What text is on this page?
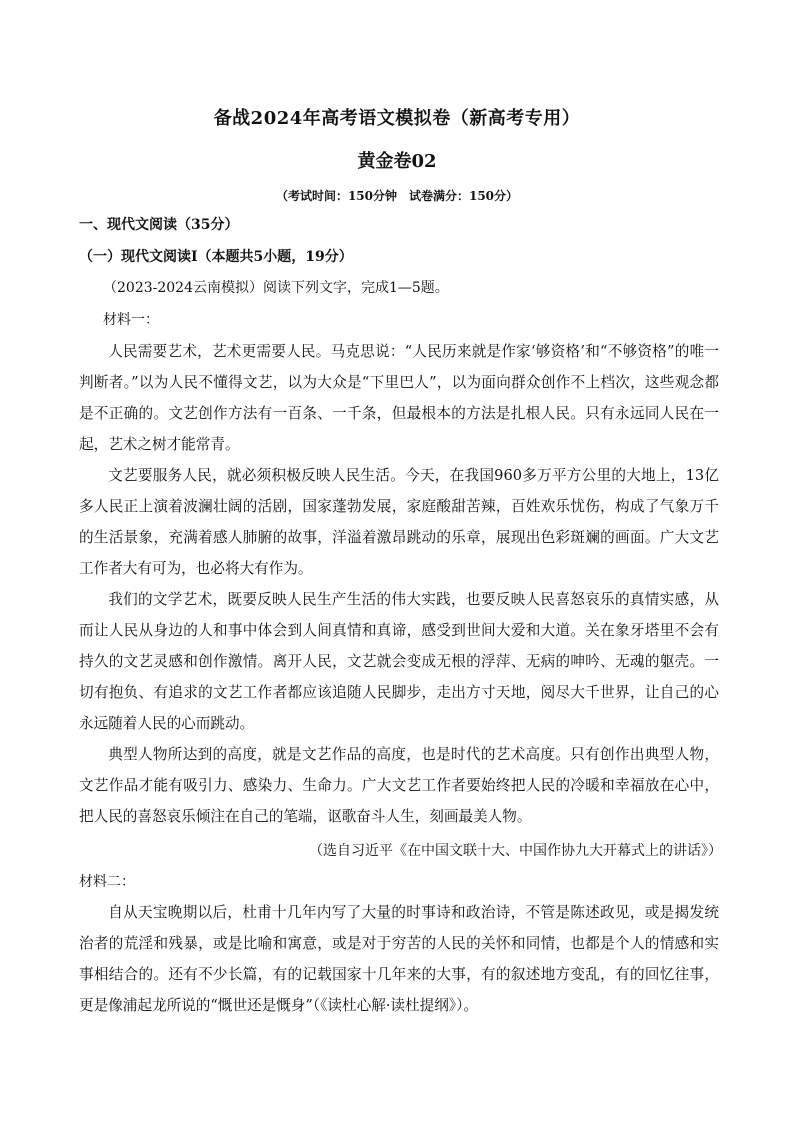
备战2024年高考语文模拟卷（新高考专用）
黄金卷02
（考试时间：150分钟　试卷满分：150分）
一、现代文阅读（35分）
（一）现代文阅读Ⅰ（本题共5小题，19分）
（2023-2024云南模拟）阅读下列文字，完成1—5题。
材料一：

人民需要艺术，艺术更需要人民。马克思说：“人民历来就是作家‘够资格’和“不够资格”的唯一判断者。”以为人民不懂得文艺，以为大众是“下里巴人”，以为面向群众创作不上档次，这些观念都是不正确的。文艺创作方法有一百条、一千条，但最根本的方法是扎根人民。只有永远同人民在一起，艺术之树才能常青。

文艺要服务人民，就必须积极反映人民生活。今天，在我国960多万平方公里的大地上，13亿多人民正上演着波澜壮阔的活剧，国家蓬勃发展，家庭酸甜苦辣，百姓欢乐忧伤，构成了气象万千的生活景象，充满着感人肺腑的故事，洋溢着激昂跳动的乐章，展现出色彩斑斓的画面。广大文艺工作者大有可为，也必将大有作为。

我们的文学艺术，既要反映人民生产生活的伟大实践，也要反映人民喜怒哀乐的真情实感，从而让人民从身边的人和事中体会到人间真情和真谛，感受到世间大爱和大道。关在象牙塔里不会有持久的文艺灵感和创作激情。离开人民，文艺就会变成无根的浮萍、无病的呻吟、无魂的躯壳。一切有抱负、有追求的文艺工作者都应该追随人民脚步，走出方寸天地，阅尽大千世界，让自己的心永远随着人民的心而跳动。

典型人物所达到的高度，就是文艺作品的高度，也是时代的艺术高度。只有创作出典型人物，文艺作品才能有吸引力、感染力、生命力。广大文艺工作者要始终把人民的冷暖和幸福放在心中，把人民的喜怒哀乐倾注在自己的笔端，讴歌奋斗人生，刻画最美人物。

（选自习近平《在中国文联十大、中国作协九大开幕式上的讲话》）
材料二：

自从天宝晚期以后，杜甫十几年内写了大量的时事诗和政治诗，不管是陈述政见，或是揭发统治者的荒淫和残暴，或是比喻和寓意，或是对于穷苦的人民的关怀和同情，也都是个人的情感和实事相结合的。还有不少长篇，有的记载国家十几年来的大事，有的叙述地方变乱，有的回忆往事，更是像浦起龙所说的“慨世还是慨身”（《读杜心解·读杜提纲》）。
